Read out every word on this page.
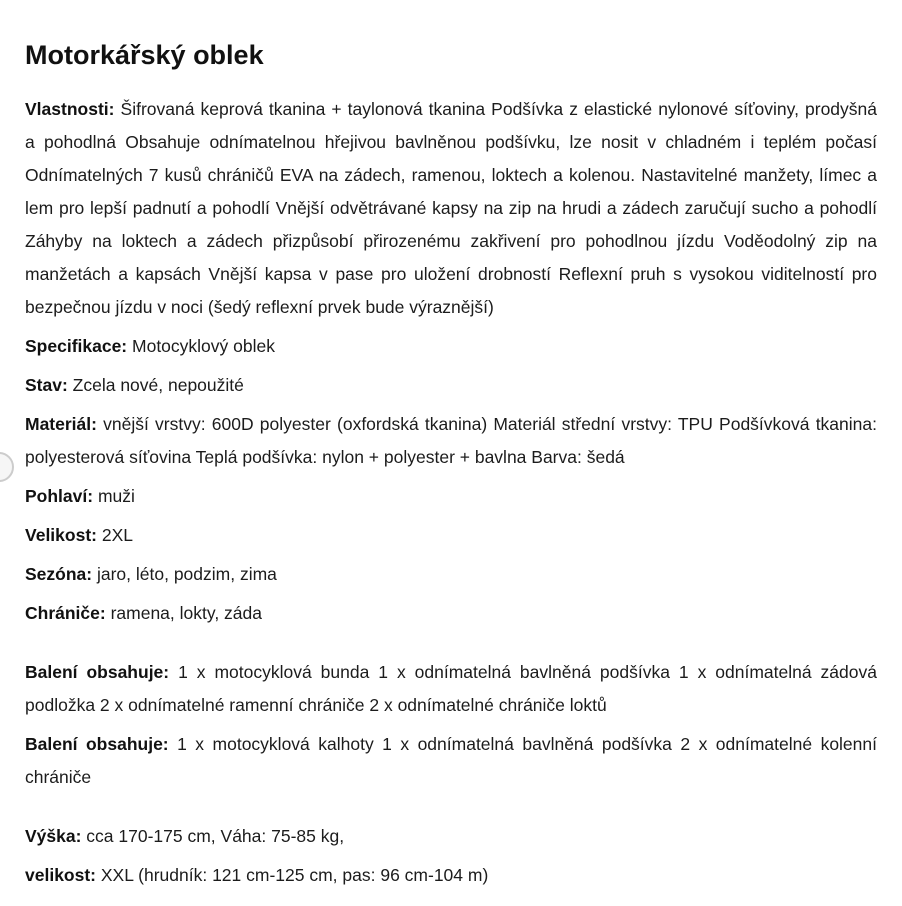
Motorkářský oblek

Vlastnosti: Šifrovaná keprová tkanina + taylonová tkanina Podšívka z elastické nylonové síťoviny, prodyšná a pohodlná Obsahuje odnímatelnou hřejivou bavlněnou podšívku, lze nosit v chladném i teplém počasí Odnímatelných 7 kusů chráničů EVA na zádech, ramenou, loktech a kolenou. Nastavitelné manžety, límec a lem pro lepší padnutí a pohodlí Vnější odvětrávané kapsy na zip na hrudi a zádech zaručují sucho a pohodlí Záhyby na loktech a zádech přizpůsobí přirozenému zakřivení pro pohodlnou jízdu Voděodolný zip na manžetách a kapsách Vnější kapsa v pase pro uložení drobností Reflexní pruh s vysokou viditelností pro bezpečnou jízdu v noci (šedý reflexní prvek bude výraznější)

Specifikace: Motocyklový oblek

Stav: Zcela nové, nepoužité

Materiál: vnější vrstvy: 600D polyester (oxfordská tkanina) Materiál střední vrstvy: TPU Podšívková tkanina: polyesterová síťovina Teplá podšívka: nylon + polyester + bavlna Barva: šedá

Pohlaví: muži

Velikost: 2XL

Sezóna: jaro, léto, podzim, zima

Chrániče: ramena, lokty, záda

Balení obsahuje: 1 x motocyklová bunda 1 x odnímatelná bavlněná podšívka 1 x odnímatelná zádová podložka 2 x odnímatelné ramenní chrániče 2 x odnímatelné chrániče loktů

Balení obsahuje: 1 x motocyklová kalhoty 1 x odnímatelná bavlněná podšívka 2 x odnímatelné kolenní chrániče

Výška: cca 170-175 cm, Váha: 75-85 kg,

velikost: XXL (hrudník: 121 cm-125 cm, pas: 96 cm-104 m)
